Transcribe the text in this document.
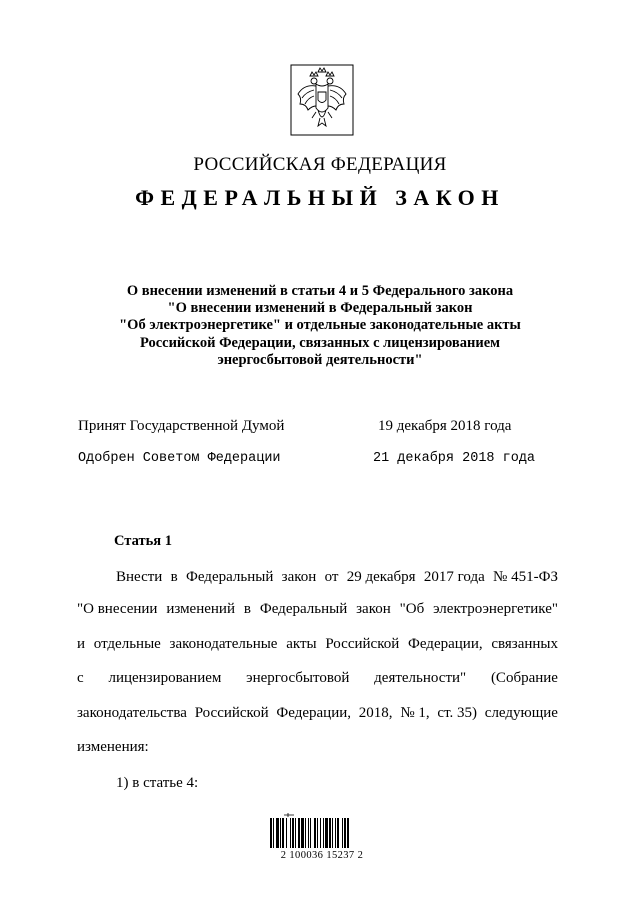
РОССИЙСКАЯ ФЕДЕРАЦИЯ
ФЕДЕРАЛЬНЫЙ ЗАКОН
О внесении изменений в статьи 4 и 5 Федерального закона
"О внесении изменений в Федеральный закон
"Об электроэнергетике" и отдельные законодательные акты
Российской Федерации, связанных с лицензированием
энергосбытовой деятельности"
Принят Государственной Думой	19 декабря 2018 года
Одобрен Советом Федерации	21 декабря 2018 года
Статья 1
Внести в Федеральный закон от 29 декабря 2017 года № 451-ФЗ
"О внесении изменений в Федеральный закон "Об электроэнергетике"
и отдельные законодательные акты Российской Федерации, связанных
с лицензированием энергосбытовой деятельности" (Собрание
законодательства Российской Федерации, 2018, № 1, ст. 35) следующие
изменения:
1) в статье 4:
2 100036 15237 2
